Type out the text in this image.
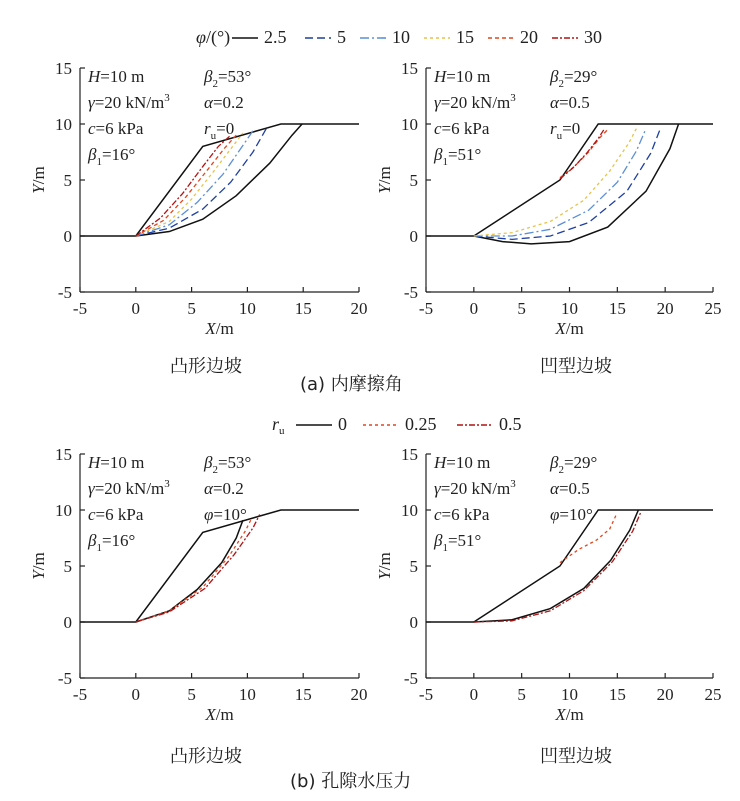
φ/(°) 2.5	5	10	15	20	30
$r_u$	0	0.25	0.5
-5	0	5	10 15 20
-5
0
5
10
15
X/m
Y/m
凸形边坡
H=10 m
γ=20 $kN/m^3$
c=6 kPa
$\beta_1=16^\circ$
$\beta_2=53^\circ$
α=0.2
$r_u=0$
-5 0 5 10 15 20 25
-5
0
5
10
15
X/m
Y/m
凹型边坡
H=10 m
γ=20 $kN/m^3$
c=6 kPa
$\beta_1=51^\circ$
$\beta_2=29^\circ$
α=0.5
$r_u=0$
-5	0	5	10 15 20
-5
0
5
10
15
X/m
Y/m
凸形边坡
H=10 m
γ=20 $kN/m^3$
c=6 kPa
$\beta_1=16^\circ$
$\beta_2=53^\circ$
α=0.2
φ=10°
-5 0 5 10 15 20 25
-5
0
5
10
15
X/m
Y/m
凹型边坡
H=10 m
γ=20 $kN/m^3$
c=6 kPa
$\beta_1=51^\circ$
$\beta_2=29^\circ$
α=0.5
φ=10°
(a) 内摩擦角
(b) 孔隙水压力
